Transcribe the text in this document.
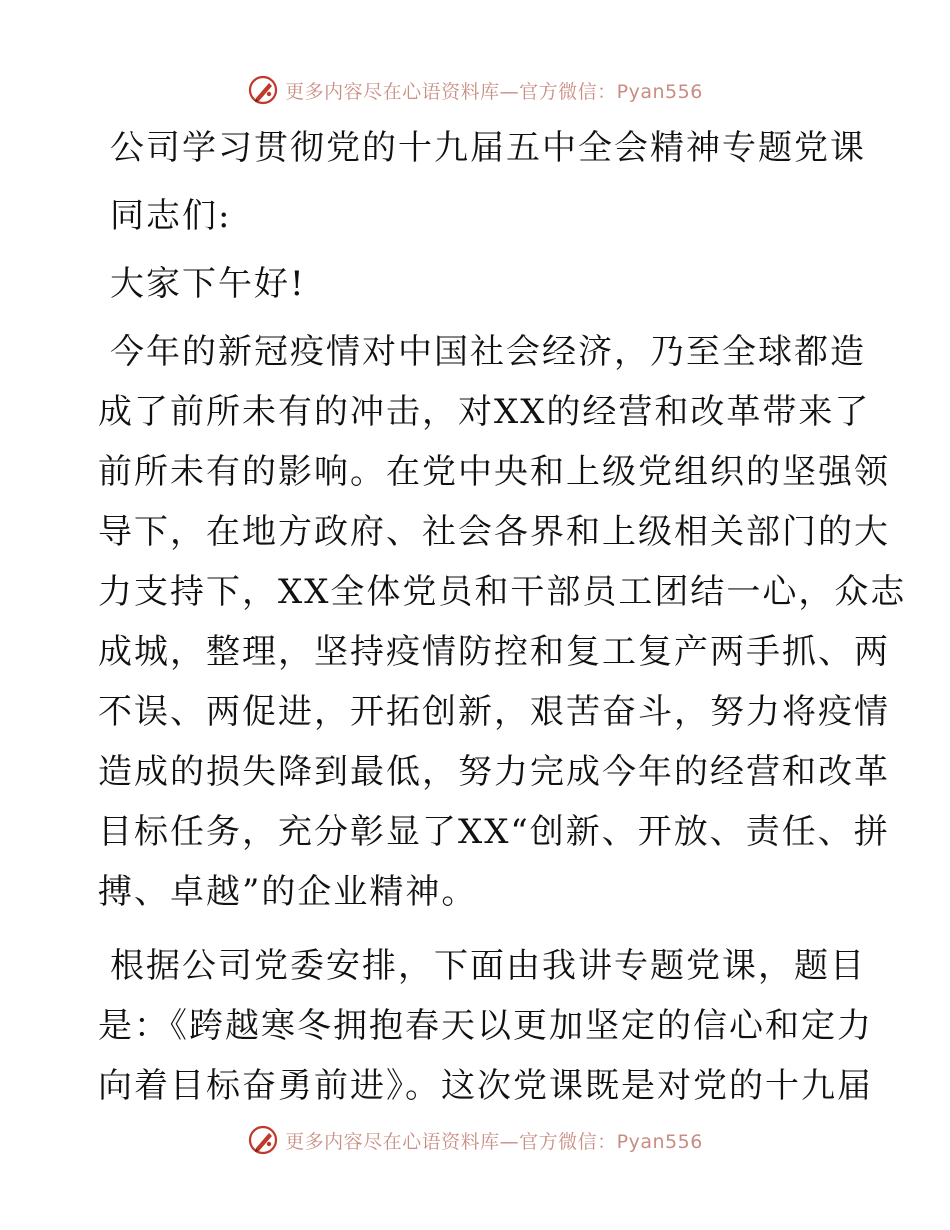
更多内容尽在心语资料库—官方微信：Pyan556
公司学习贯彻党的十九届五中全会精神专题党课
同志们:
大家下午好!
今年的新冠疫情对中国社会经济，乃至全球都造
成了前所未有的冲击，对XX的经营和改革带来了
前所未有的影响。在党中央和上级党组织的坚强领
导下，在地方政府、社会各界和上级相关部门的大
力支持下，XX全体党员和干部员工团结一心，众志
成城，整理，坚持疫情防控和复工复产两手抓、两
不误、两促进，开拓创新，艰苦奋斗，努力将疫情
造成的损失降到最低，努力完成今年的经营和改革
目标任务，充分彰显了XX“创新、开放、责任、拼
搏、卓越”的企业精神。
根据公司党委安排，下面由我讲专题党课，题目
是：《跨越寒冬拥抱春天以更加坚定的信心和定力
向着目标奋勇前进》。这次党课既是对党的十九届
更多内容尽在心语资料库—官方微信：Pyan556
